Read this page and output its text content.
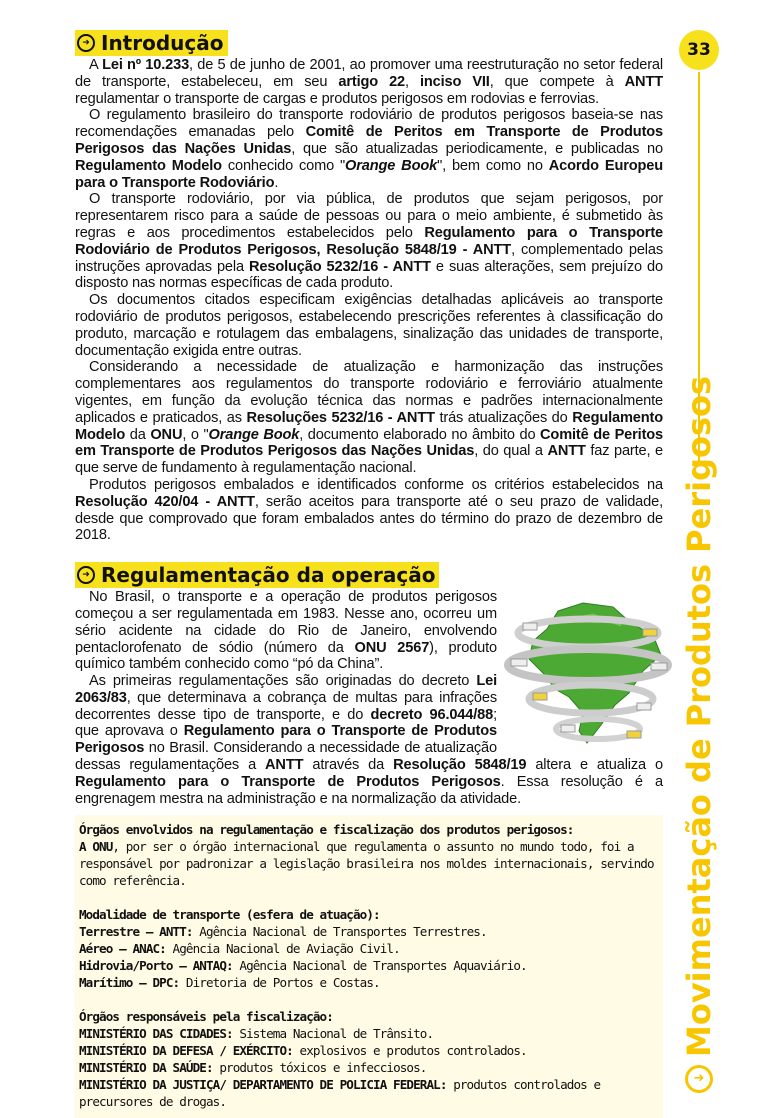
➜ Introdução

A Lei nº 10.233, de 5 de junho de 2001, ao promover uma reestruturação no setor federal de transporte, estabeleceu, em seu artigo 22, inciso VII, que compete à ANTT regulamentar o transporte de cargas e produtos perigosos em rodovias e ferrovias.

O regulamento brasileiro do transporte rodoviário de produtos perigosos baseia-se nas recomendações emanadas pelo Comitê de Peritos em Transporte de Produtos Perigosos das Nações Unidas, que são atualizadas periodicamente, e publicadas no Regulamento Modelo conhecido como "Orange Book", bem como no Acordo Europeu para o Transporte Rodoviário.

O transporte rodoviário, por via pública, de produtos que sejam perigosos, por representarem risco para a saúde de pessoas ou para o meio ambiente, é submetido às regras e aos procedimentos estabelecidos pelo Regulamento para o Transporte Rodoviário de Produtos Perigosos, Resolução 5848/19 - ANTT, complementado pelas instruções aprovadas pela Resolução 5232/16 - ANTT e suas alterações, sem prejuízo do disposto nas normas específicas de cada produto.

Os documentos citados especificam exigências detalhadas aplicáveis ao transporte rodoviário de produtos perigosos, estabelecendo prescrições referentes à classificação do produto, marcação e rotulagem das embalagens, sinalização das unidades de transporte, documentação exigida entre outras.

Considerando a necessidade de atualização e harmonização das instruções complementares aos regulamentos do transporte rodoviário e ferroviário atualmente vigentes, em função da evolução técnica das normas e padrões internacionalmente aplicados e praticados, as Resoluções 5232/16 - ANTT trás atualizações do Regulamento Modelo da ONU, o "Orange Book, documento elaborado no âmbito do Comitê de Peritos em Transporte de Produtos Perigosos das Nações Unidas, do qual a ANTT faz parte, e que serve de fundamento à regulamentação nacional.

Produtos perigosos embalados e identificados conforme os critérios estabelecidos na Resolução 420/04 - ANTT, serão aceitos para transporte até o seu prazo de validade, desde que comprovado que foram embalados antes do término do prazo de dezembro de 2018.

➜ Regulamentação da operação

No Brasil, o transporte e a operação de produtos perigosos começou a ser regulamentada em 1983. Nesse ano, ocorreu um sério acidente na cidade do Rio de Janeiro, envolvendo pentaclorofenato de sódio (número da ONU 2567), produto químico também conhecido como “pó da China”.

As primeiras regulamentações são originadas do decreto Lei 2063/83, que determinava a cobrança de multas para infrações decorrentes desse tipo de transporte, e do decreto 96.044/88; que aprovava o Regulamento para o Transporte de Produtos Perigosos no Brasil. Considerando a necessidade de atualização dessas regulamentações a ANTT através da Resolução 5848/19 altera e atualiza o Regulamento para o Transporte de Produtos Perigosos. Essa resolução é a engrenagem mestra na administração e na normalização da atividade.

Órgãos envolvidos na regulamentação e fiscalização dos produtos perigosos:
A ONU, por ser o órgão internacional que regulamenta o assunto no mundo todo, foi a responsável por padronizar a legislação brasileira nos moldes internacionais, servindo como referência.
Modalidade de transporte (esfera de atuação):
Terrestre – ANTT: Agência Nacional de Transportes Terrestres.
Aéreo – ANAC: Agência Nacional de Aviação Civil.
Hidrovia/Porto – ANTAQ: Agência Nacional de Transportes Aquaviário.
Marítimo – DPC: Diretoria de Portos e Costas.
Órgãos responsáveis pela fiscalização:
MINISTÉRIO DAS CIDADES: Sistema Nacional de Trânsito.
MINISTÉRIO DA DEFESA / EXÉRCITO: explosivos e produtos controlados.
MINISTÉRIO DA SAÚDE: produtos tóxicos e infecciosos.
MINISTÉRIO DA JUSTIÇA/ DEPARTAMENTO DE POLICIA FEDERAL: produtos controlados e precursores de drogas.
33
➜
Movimentação de Produtos Perigosos
